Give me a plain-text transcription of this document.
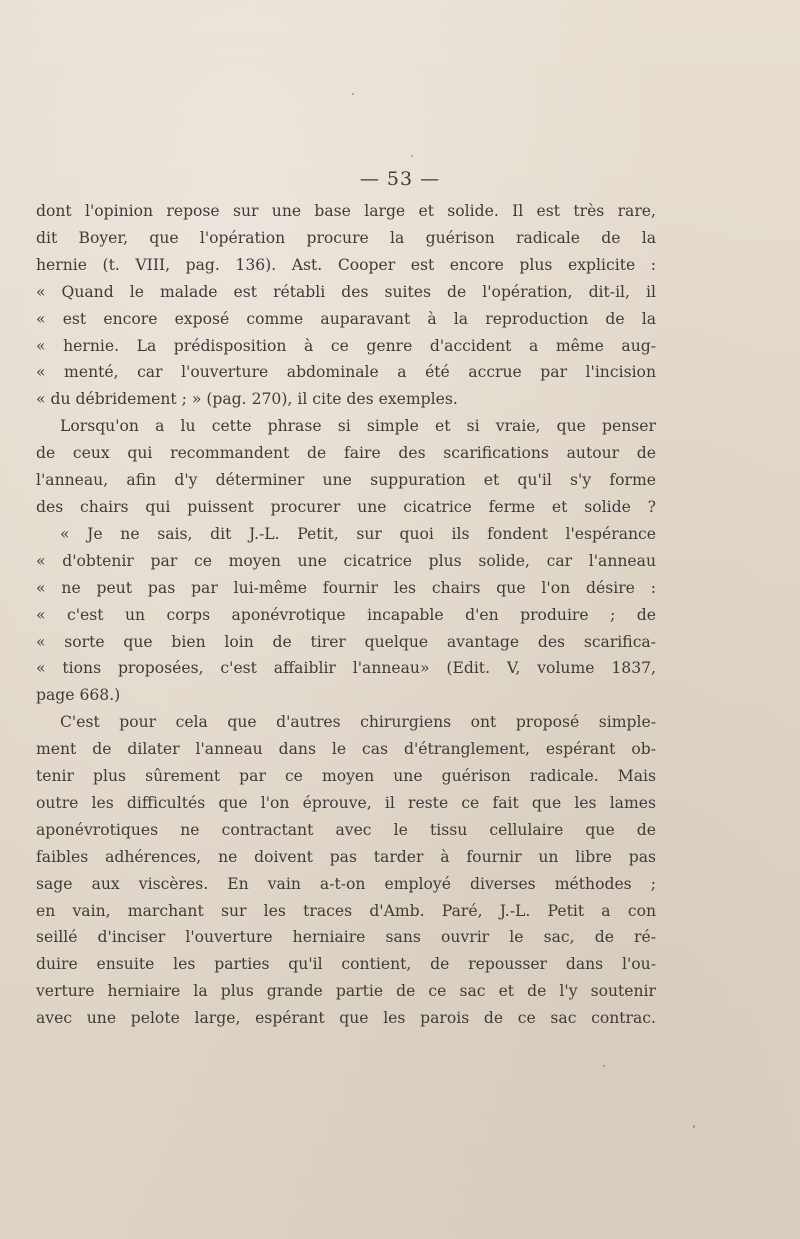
— 53 —
dont l'opinion repose sur une base large et solide. Il est très rare,
dit Boyer, que l'opération procure la guérison radicale de la
hernie (t. VIII, pag. 136). Ast. Cooper est encore plus explicite :
« Quand le malade est rétabli des suites de l'opération, dit-il, il
« est encore exposé comme auparavant à la reproduction de la
« hernie. La prédisposition à ce genre d'accident a même aug-
« menté, car l'ouverture abdominale a été accrue par l'incision
« du débridement ; » (pag. 270), il cite des exemples.
Lorsqu'on a lu cette phrase si simple et si vraie, que penser
de ceux qui recommandent de faire des scarifications autour de
l'anneau, afin d'y déterminer une suppuration et qu'il s'y forme
des chairs qui puissent procurer une cicatrice ferme et solide ?
« Je ne sais, dit J.-L. Petit, sur quoi ils fondent l'espérance
« d'obtenir par ce moyen une cicatrice plus solide, car l'anneau
« ne peut pas par lui-même fournir les chairs que l'on désire :
« c'est un corps aponévrotique incapable d'en produire ; de
« sorte que bien loin de tirer quelque avantage des scarifica-
« tions proposées, c'est affaiblir l'anneau» (Edit. V, volume 1837,
page 668.)
C'est pour cela que d'autres chirurgiens ont proposé simple-
ment de dilater l'anneau dans le cas d'étranglement, espérant ob-
tenir plus sûrement par ce moyen une guérison radicale. Mais
outre les difficultés que l'on éprouve, il reste ce fait que les lames
aponévrotiques ne contractant avec le tissu cellulaire que de
faibles adhérences, ne doivent pas tarder à fournir un libre pas
sage aux viscères. En vain a-t-on employé diverses méthodes ;
en vain, marchant sur les traces d'Amb. Paré, J.-L. Petit a con
seillé d'inciser l'ouverture herniaire sans ouvrir le sac, de ré-
duire ensuite les parties qu'il contient, de repousser dans l'ou-
verture herniaire la plus grande partie de ce sac et de l'y soutenir
avec une pelote large, espérant que les parois de ce sac contrac.
